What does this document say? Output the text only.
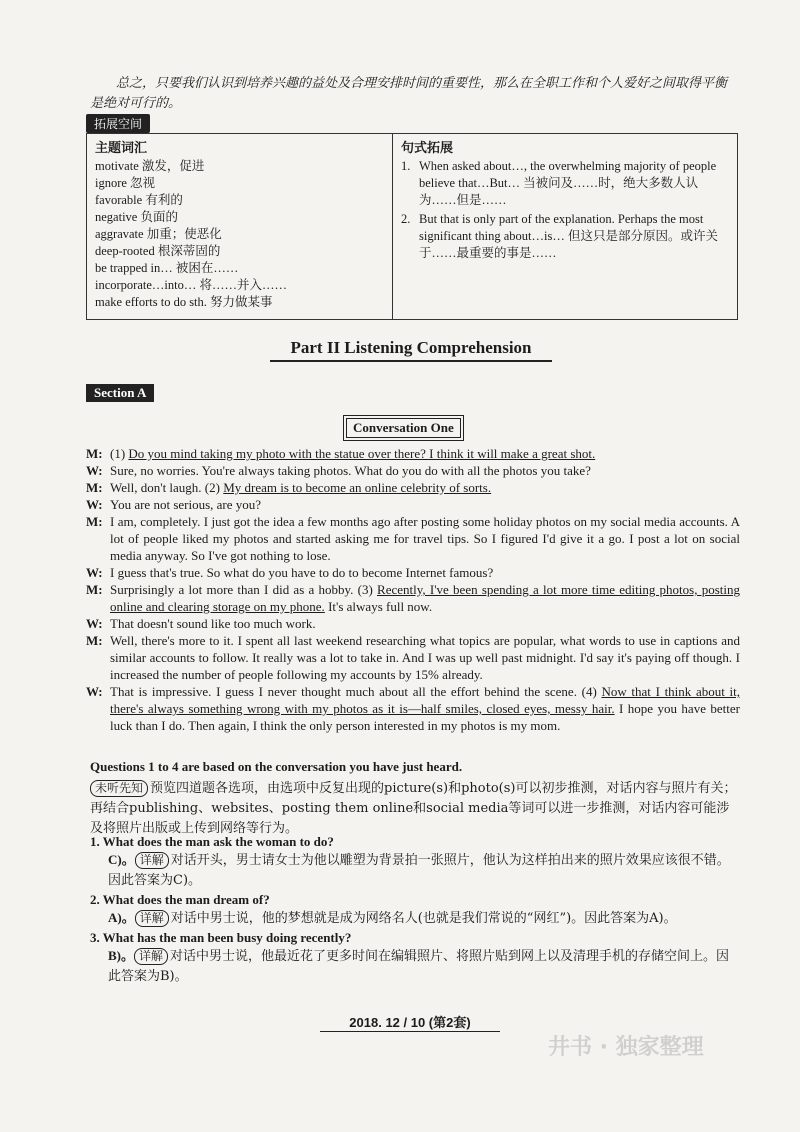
总之，只要我们认识到培养兴趣的益处及合理安排时间的重要性，那么在全职工作和个人爱好之间取得平衡是绝对可行的。
拓展空间
主题词汇
motivate 激发，促进
ignore 忽视
favorable 有利的
negative 负面的
aggravate 加重；使恶化
deep-rooted 根深蒂固的
be trapped in… 被困在……
incorporate…into… 将……并入……
make efforts to do sth. 努力做某事
句式拓展
1. When asked about…, the overwhelming majority of people believe that…But… 当被问及……时，绝大多数人认为……但是……
2. But that is only part of the explanation. Perhaps the most significant thing about…is… 但这只是部分原因。或许关于……最重要的事是……
Part II Listening Comprehension
Section A
Conversation One
M: (1) Do you mind taking my photo with the statue over there? I think it will make a great shot.
W: Sure, no worries. You're always taking photos. What do you do with all the photos you take?
M: Well, don't laugh. (2) My dream is to become an online celebrity of sorts.
W: You are not serious, are you?
M: I am, completely. I just got the idea a few months ago after posting some holiday photos on my social media accounts. A lot of people liked my photos and started asking me for travel tips. So I figured I'd give it a go. I post a lot on social media anyway. So I've got nothing to lose.
W: I guess that's true. So what do you have to do to become Internet famous?
M: Surprisingly a lot more than I did as a hobby. (3) Recently, I've been spending a lot more time editing photos, posting online and clearing storage on my phone. It's always full now.
W: That doesn't sound like too much work.
M: Well, there's more to it. I spent all last weekend researching what topics are popular, what words to use in captions and similar accounts to follow. It really was a lot to take in. And I was up well past midnight. I'd say it's paying off though. I increased the number of people following my accounts by 15% already.
W: That is impressive. I guess I never thought much about all the effort behind the scene. (4) Now that I think about it, there's always something wrong with my photos as it is—half smiles, closed eyes, messy hair. I hope you have better luck than I do. Then again, I think the only person interested in my photos is my mom.
Questions 1 to 4 are based on the conversation you have just heard.
未听先知 预览四道题各选项，由选项中反复出现的picture(s)和photo(s)可以初步推测，对话内容与照片有关；再结合publishing、websites、posting them online和social media等词可以进一步推测，对话内容可能涉及将照片出版或上传到网络等行为。
1. What does the man ask the woman to do?
C)。 详解 对话开头，男士请女士为他以雕塑为背景拍一张照片，他认为这样拍出来的照片效果应该很不错。因此答案为C)。
2. What does the man dream of?
A)。 详解 对话中男士说，他的梦想就是成为网络名人(也就是我们常说的“网红”)。因此答案为A)。
3. What has the man been busy doing recently?
B)。 详解 对话中男士说，他最近花了更多时间在编辑照片、将照片贴到网上以及清理手机的存储空间上。因此答案为B)。
2018. 12 / 10 (第2套)
井书 · 独家整理
